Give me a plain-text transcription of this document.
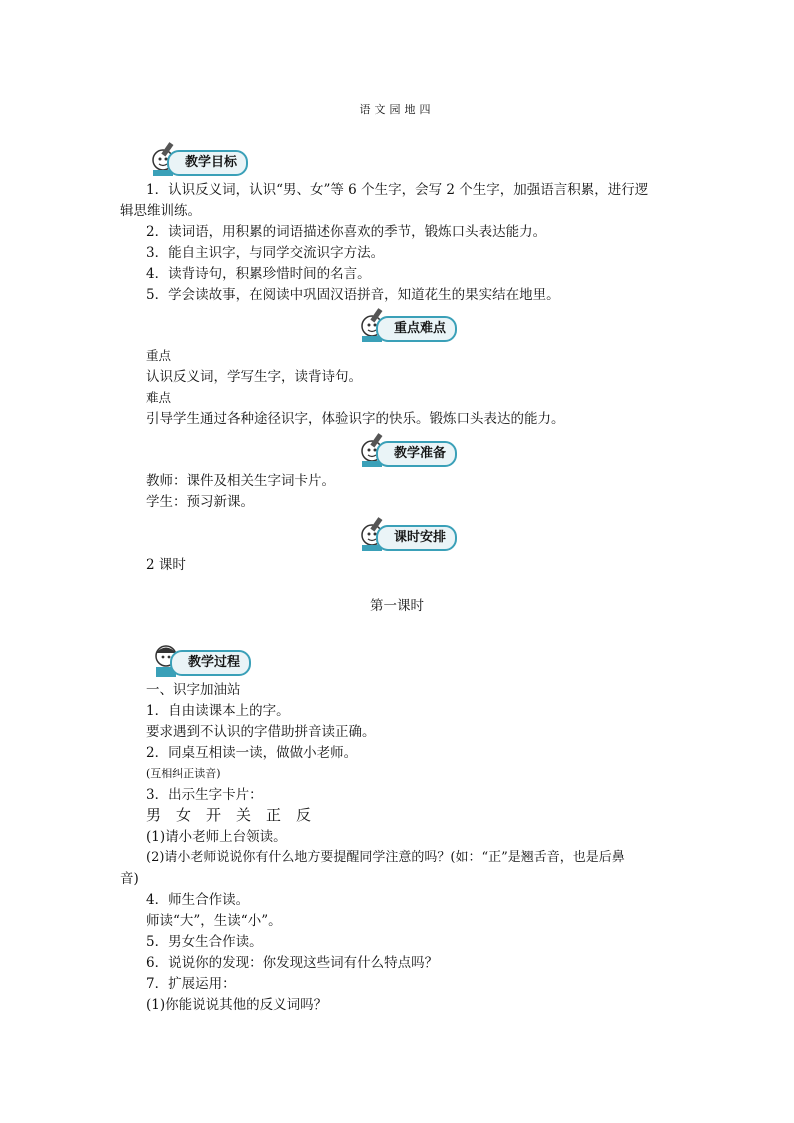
语文园地四
教学目标
1．认识反义词，认识“男、女”等 6 个生字，会写 2 个生字，加强语言积累，进行逻
辑思维训练。
2．读词语，用积累的词语描述你喜欢的季节，锻炼口头表达能力。
3．能自主识字，与同学交流识字方法。
4．读背诗句，积累珍惜时间的名言。
5．学会读故事，在阅读中巩固汉语拼音，知道花生的果实结在地里。
重点难点
重点
认识反义词，学写生字，读背诗句。
难点
引导学生通过各种途径识字，体验识字的快乐。锻炼口头表达的能力。
教学准备
教师：课件及相关生字词卡片。
学生：预习新课。
课时安排
2 课时
第一课时
教学过程
一、识字加油站
1．自由读课本上的字。
要求遇到不认识的字借助拼音读正确。
2．同桌互相读一读，做做小老师。
(互相纠正读音)
3．出示生字卡片：
男　女　开　关　正　反
(1)请小老师上台领读。
(2)请小老师说说你有什么地方要提醒同学注意的吗？(如：“正”是翘舌音，也是后鼻
音)
4．师生合作读。
师读“大”，生读“小”。
5．男女生合作读。
6．说说你的发现：你发现这些词有什么特点吗？
7．扩展运用：
(1)你能说说其他的反义词吗？
